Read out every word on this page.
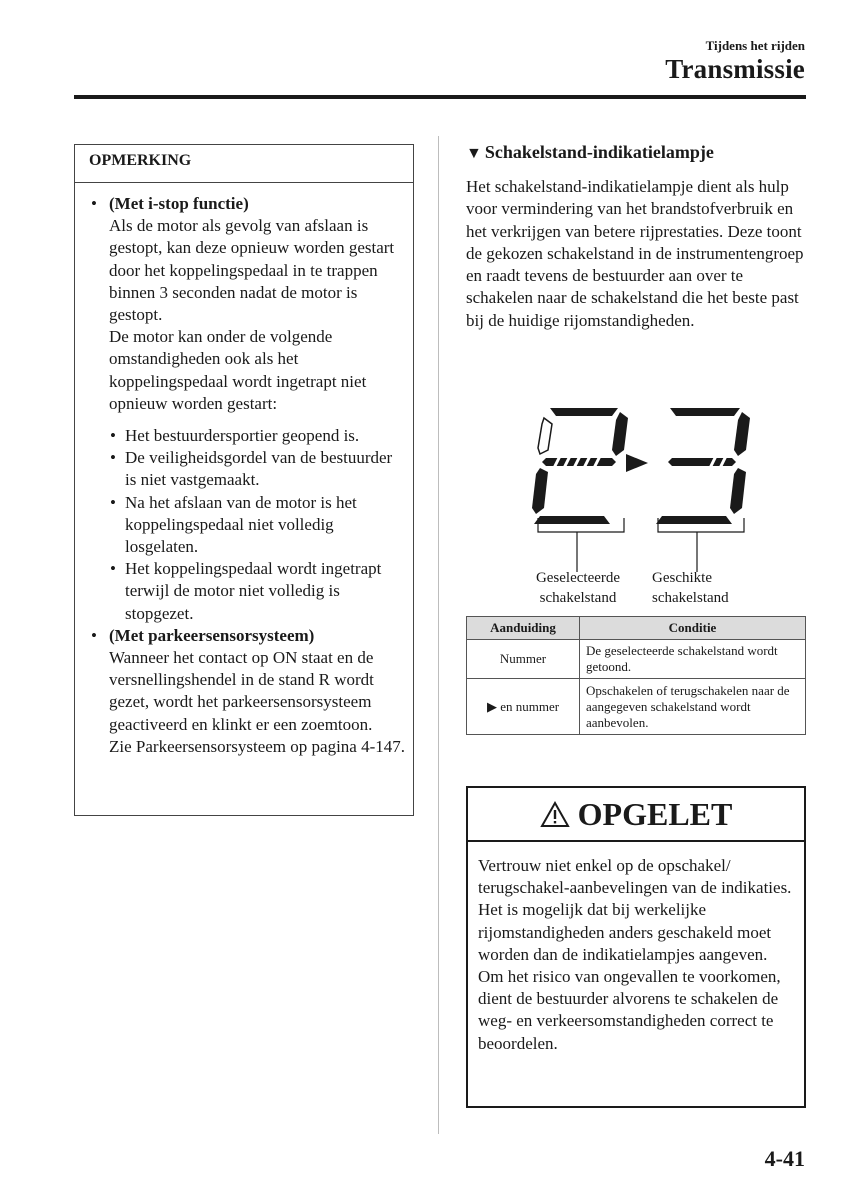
Tijdens het rijden
Transmissie
OPMERKING
• (Met i-stop functie)
Als de motor als gevolg van afslaan is gestopt, kan deze opnieuw worden gestart door het koppelingspedaal in te trappen binnen 3 seconden nadat de motor is gestopt.
De motor kan onder de volgende omstandigheden ook als het koppelingspedaal wordt ingetrapt niet opnieuw worden gestart:
• Het bestuurdersportier geopend is.
• De veiligheidsgordel van de bestuurder is niet vastgemaakt.
• Na het afslaan van de motor is het koppelingspedaal niet volledig losgelaten.
• Het koppelingspedaal wordt ingetrapt terwijl de motor niet volledig is stopgezet.
• (Met parkeersensorsysteem)
Wanneer het contact op ON staat en de versnellingshendel in de stand R wordt gezet, wordt het parkeersensorsysteem geactiveerd en klinkt er een zoemtoon.
Zie Parkeersensorsysteem op pagina 4-147.
▼ Schakelstand-indikatielampje
Het schakelstand-indikatielampje dient als hulp voor vermindering van het brandstofverbruik en het verkrijgen van betere rijprestaties. Deze toont de gekozen schakelstand in de instrumentengroep en raadt tevens de bestuurder aan over te schakelen naar de schakelstand die het beste past bij de huidige rijomstandigheden.
Geselecteerde
schakelstand
Geschikte
schakelstand
Aanduiding	Conditie
Nummer	De geselecteerde schakelstand wordt getoond.
▶ en nummer	Opschakelen of terugschakelen naar de aangegeven schakelstand wordt aanbevolen.
OPGELET
Vertrouw niet enkel op de opschakel/ terugschakel-aanbevelingen van de indikaties. Het is mogelijk dat bij werkelijke rijomstandigheden anders geschakeld moet worden dan de indikatielampjes aangeven. Om het risico van ongevallen te voorkomen, dient de bestuurder alvorens te schakelen de weg- en verkeersomstandigheden correct te beoordelen.
4-41
